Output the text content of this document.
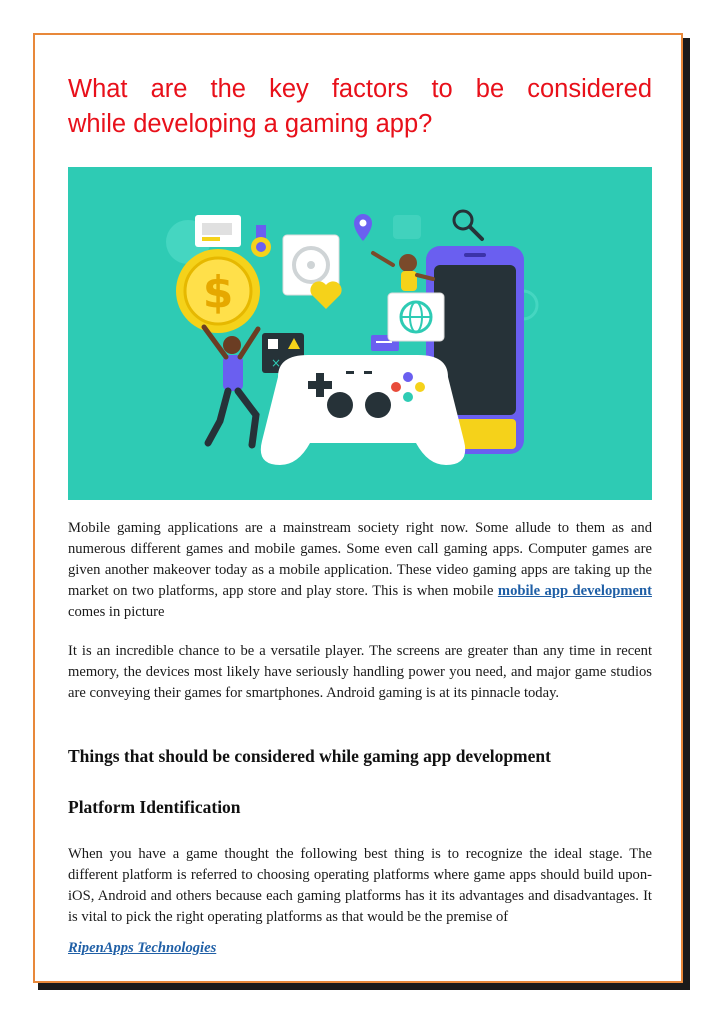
What are the key factors to be considered
while developing a gaming app?
$
×

Mobile gaming applications are a mainstream society right now. Some allude to them as and numerous different games and mobile games. Some even call gaming apps. Computer games are given another makeover today as a mobile application. These video gaming apps are taking up the market on two platforms, app store and play store. This is when mobile mobile app development comes in picture

It is an incredible chance to be a versatile player. The screens are greater than any time in recent memory, the devices most likely have seriously handling power you need, and major game studios are conveying their games for smartphones. Android gaming is at its pinnacle today.

Things that should be considered while gaming app development
Platform Identification

When you have a game thought the following best thing is to recognize the ideal stage. The different platform is referred to choosing operating platforms where game apps should build upon- iOS, Android and others because each gaming platforms has it its advantages and disadvantages. It is vital to pick the right operating platforms as that would be the premise of

RipenApps Technologies
